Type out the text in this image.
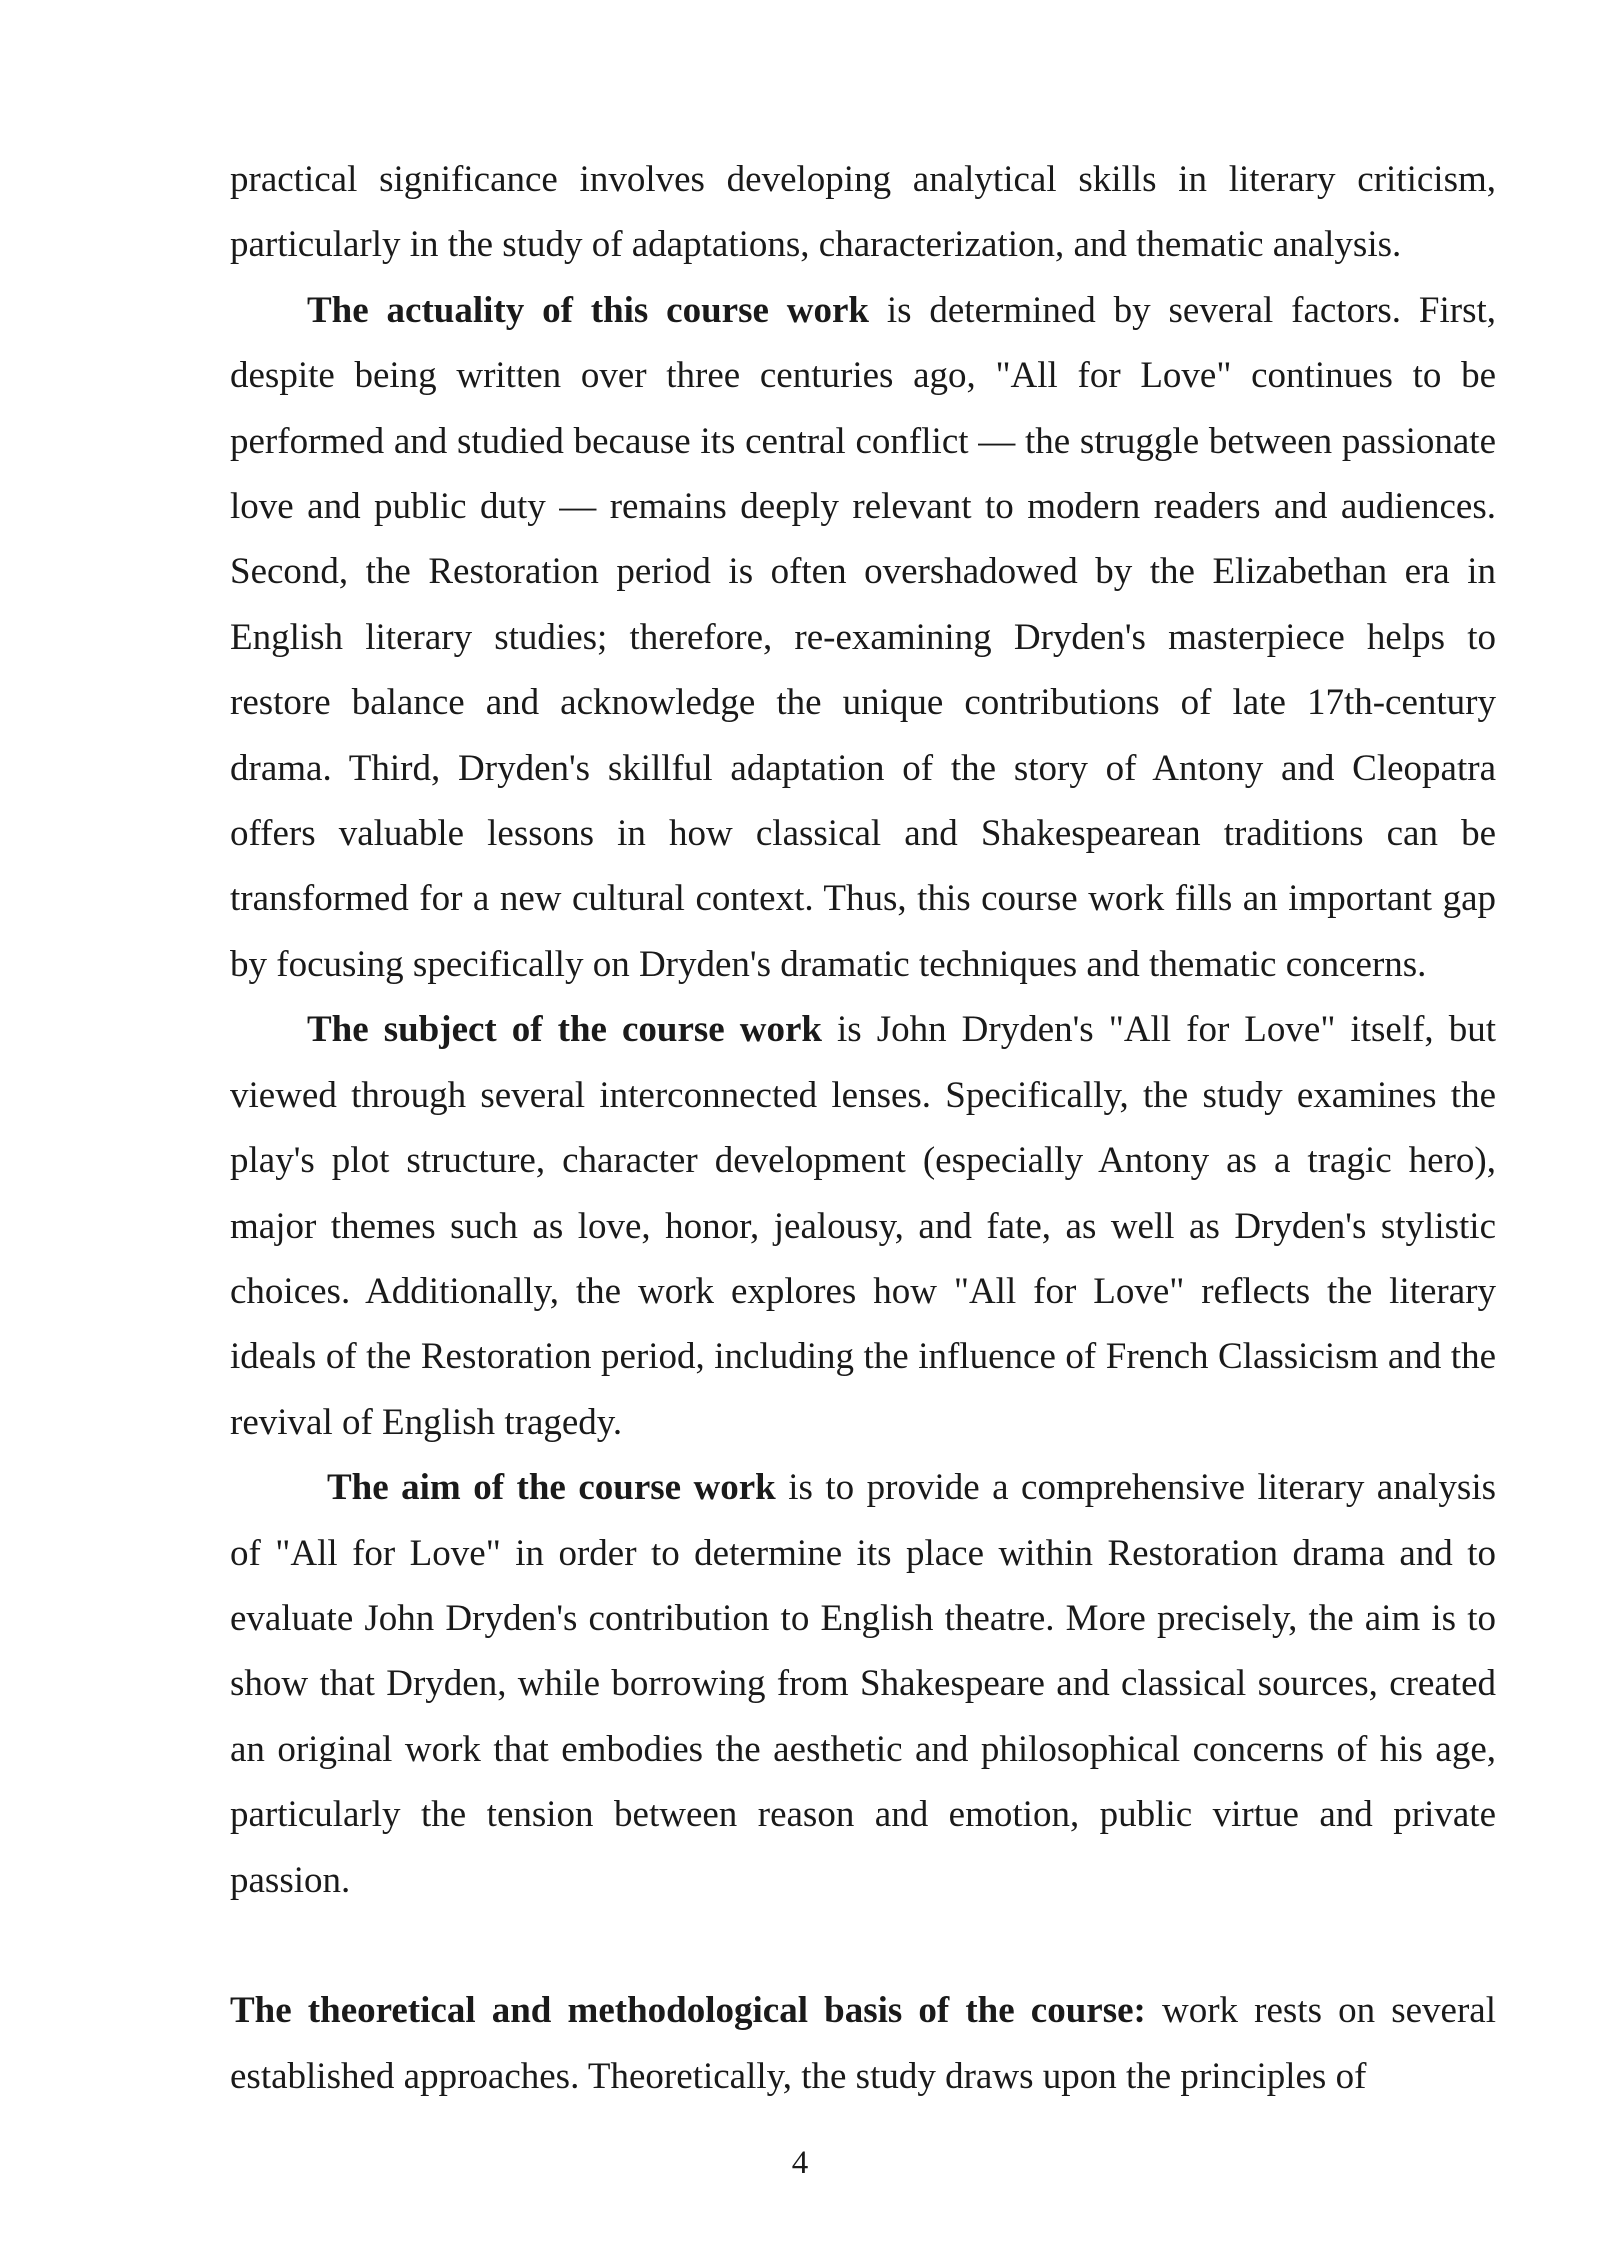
practical significance involves developing analytical skills in literary criticism, particularly in the study of adaptations, characterization, and thematic analysis.

The actuality of this course work is determined by several factors. First, despite being written over three centuries ago, "All for Love" continues to be performed and studied because its central conflict — the struggle between passionate love and public duty — remains deeply relevant to modern readers and audiences. Second, the Restoration period is often overshadowed by the Elizabethan era in English literary studies; therefore, re-examining Dryden's masterpiece helps to restore balance and acknowledge the unique contributions of late 17th-century drama. Third, Dryden's skillful adaptation of the story of Antony and Cleopatra offers valuable lessons in how classical and Shakespearean traditions can be transformed for a new cultural context. Thus, this course work fills an important gap by focusing specifically on Dryden's dramatic techniques and thematic concerns.

The subject of the course work is John Dryden's "All for Love" itself, but viewed through several interconnected lenses. Specifically, the study examines the play's plot structure, character development (especially Antony as a tragic hero), major themes such as love, honor, jealousy, and fate, as well as Dryden's stylistic choices. Additionally, the work explores how "All for Love" reflects the literary ideals of the Restoration period, including the influence of French Classicism and the revival of English tragedy.

The aim of the course work is to provide a comprehensive literary analysis of "All for Love" in order to determine its place within Restoration drama and to evaluate John Dryden's contribution to English theatre. More precisely, the aim is to show that Dryden, while borrowing from Shakespeare and classical sources, created an original work that embodies the aesthetic and philosophical concerns of his age, particularly the tension between reason and emotion, public virtue and private passion.

The theoretical and methodological basis of the course: work rests on several established approaches. Theoretically, the study draws upon the principles of

4
